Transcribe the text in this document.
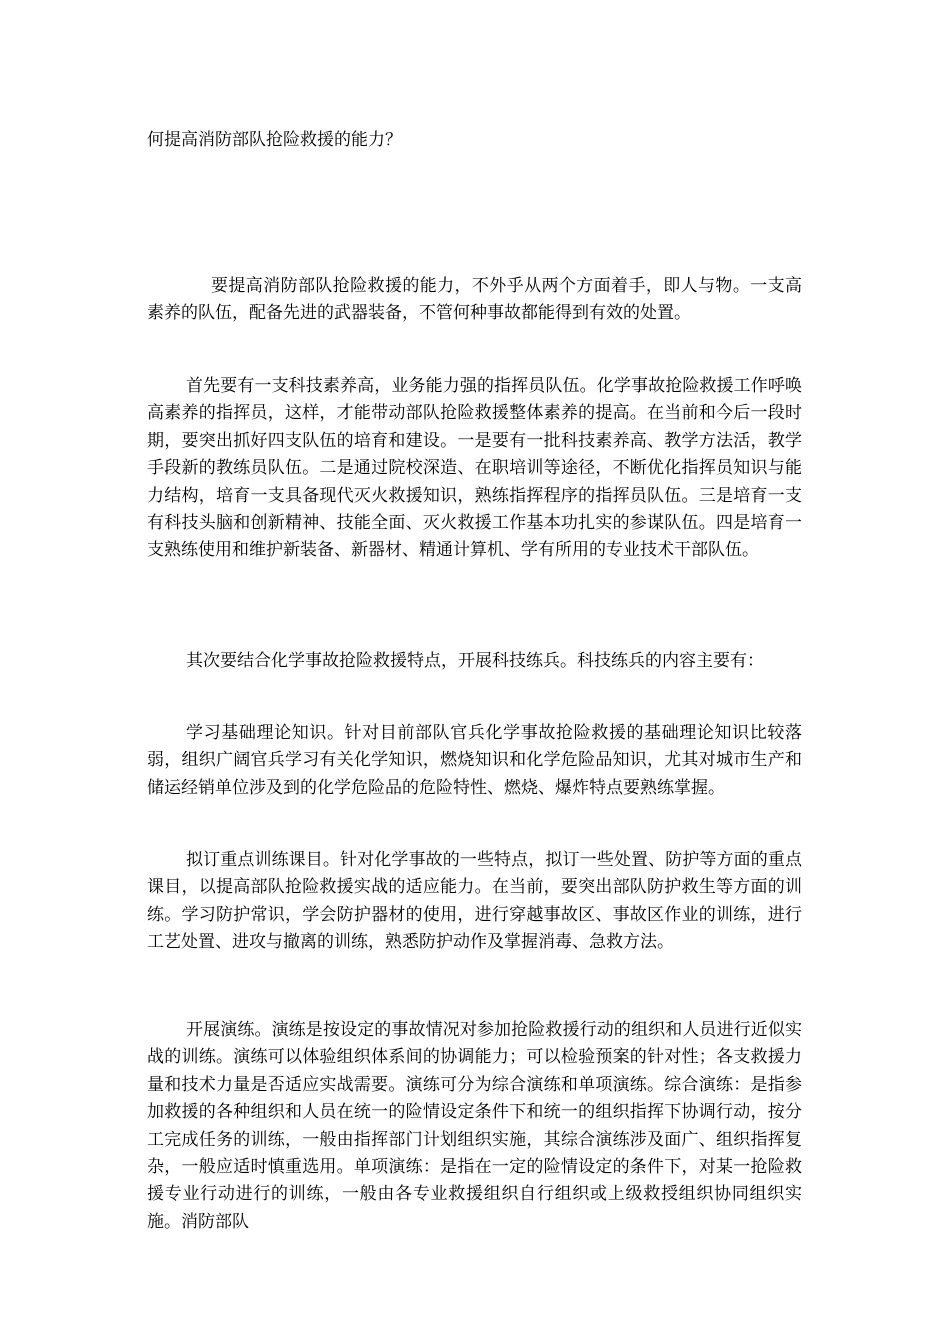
何提高消防部队抢险救援的能力？

要提高消防部队抢险救援的能力，不外乎从两个方面着手，即人与物。一支高素养的队伍，配备先进的武器装备，不管何种事故都能得到有效的处置。

首先要有一支科技素养高，业务能力强的指挥员队伍。化学事故抢险救援工作呼唤高素养的指挥员，这样，才能带动部队抢险救援整体素养的提高。在当前和今后一段时期，要突出抓好四支队伍的培育和建设。一是要有一批科技素养高、教学方法活，教学手段新的教练员队伍。二是通过院校深造、在职培训等途径，不断优化指挥员知识与能力结构，培育一支具备现代灭火救援知识，熟练指挥程序的指挥员队伍。三是培育一支有科技头脑和创新精神、技能全面、灭火救援工作基本功扎实的参谋队伍。四是培育一支熟练使用和维护新装备、新器材、精通计算机、学有所用的专业技术干部队伍。

其次要结合化学事故抢险救援特点，开展科技练兵。科技练兵的内容主要有：

学习基础理论知识。针对目前部队官兵化学事故抢险救援的基础理论知识比较落弱，组织广阔官兵学习有关化学知识，燃烧知识和化学危险品知识，尤其对城市生产和储运经销单位涉及到的化学危险品的危险特性、燃烧、爆炸特点要熟练掌握。

拟订重点训练课目。针对化学事故的一些特点，拟订一些处置、防护等方面的重点课目，以提高部队抢险救援实战的适应能力。在当前，要突出部队防护救生等方面的训练。学习防护常识，学会防护器材的使用，进行穿越事故区、事故区作业的训练，进行工艺处置、进攻与撤离的训练，熟悉防护动作及掌握消毒、急救方法。

开展演练。演练是按设定的事故情况对参加抢险救援行动的组织和人员进行近似实战的训练。演练可以体验组织体系间的协调能力；可以检验预案的针对性；各支救援力量和技术力量是否适应实战需要。演练可分为综合演练和单项演练。综合演练：是指参加救援的各种组织和人员在统一的险情设定条件下和统一的组织指挥下协调行动，按分工完成任务的训练，一般由指挥部门计划组织实施，其综合演练涉及面广、组织指挥复杂，一般应适时慎重选用。单项演练：是指在一定的险情设定的条件下，对某一抢险救援专业行动进行的训练，一般由各专业救援组织自行组织或上级救授组织协同组织实施。消防部队
